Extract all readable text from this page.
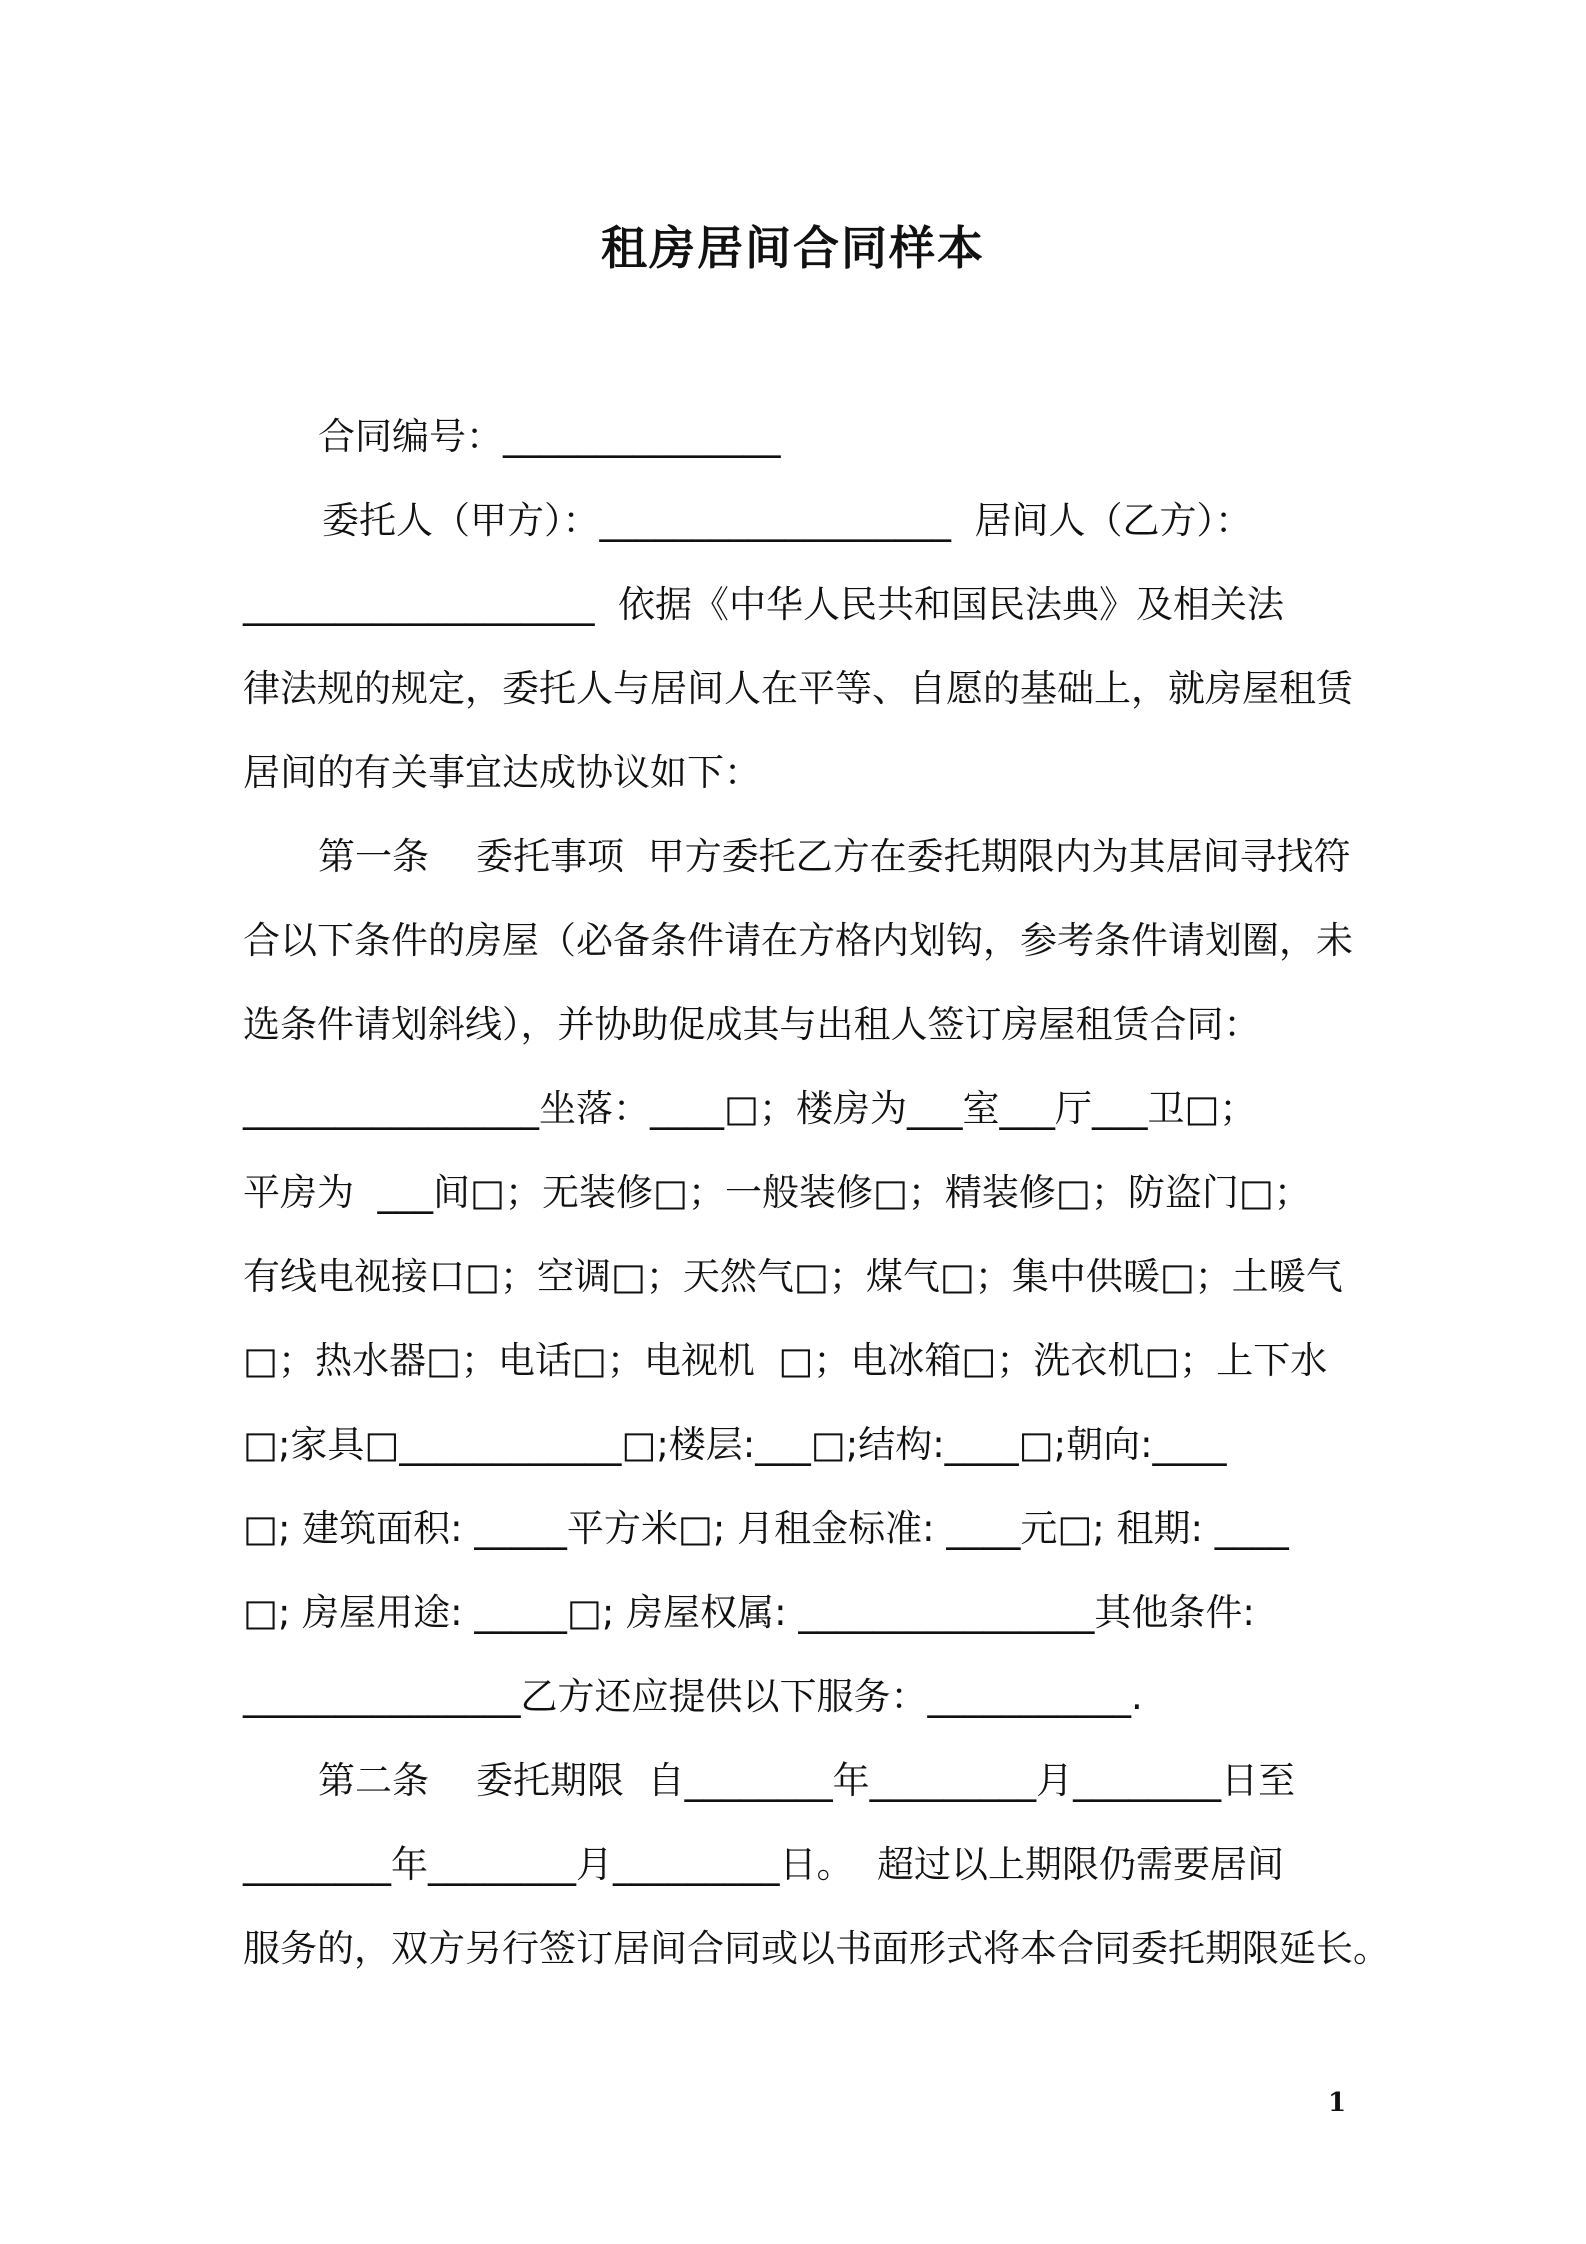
租房居间合同样本

合同编号：_______________

委托人（甲方）：___________________  居间人（乙方）：

___________________  依据《中华人民共和国民法典》及相关法

律法规的规定，委托人与居间人在平等、自愿的基础上，就房屋租赁

居间的有关事宜达成协议如下：

第一条    委托事项  甲方委托乙方在委托期限内为其居间寻找符

合以下条件的房屋（必备条件请在方格内划钩，参考条件请划圈，未

选条件请划斜线），并协助促成其与出租人签订房屋租赁合同：

________________坐落：____□；楼房为___室___厅___卫□；

平房为  ___间□；无装修□；一般装修□；精装修□；防盗门□；

有线电视接口□；空调□；天然气□；煤气□；集中供暖□；土暖气

□；热水器□；电话□；电视机  □；电冰箱□；洗衣机□；上下水

□;家具□____________□;楼层:___□;结构:____□;朝向:____

□; 建筑面积: _____平方米□; 月租金标准: ____元□; 租期: ____

□; 房屋用途: _____□; 房屋权属: ________________其他条件:

_______________乙方还应提供以下服务：___________.

第二条    委托期限  自________年_________月________日至

________年________月_________日。  超过以上期限仍需要居间

服务的，双方另行签订居间合同或以书面形式将本合同委托期限延长。

1
